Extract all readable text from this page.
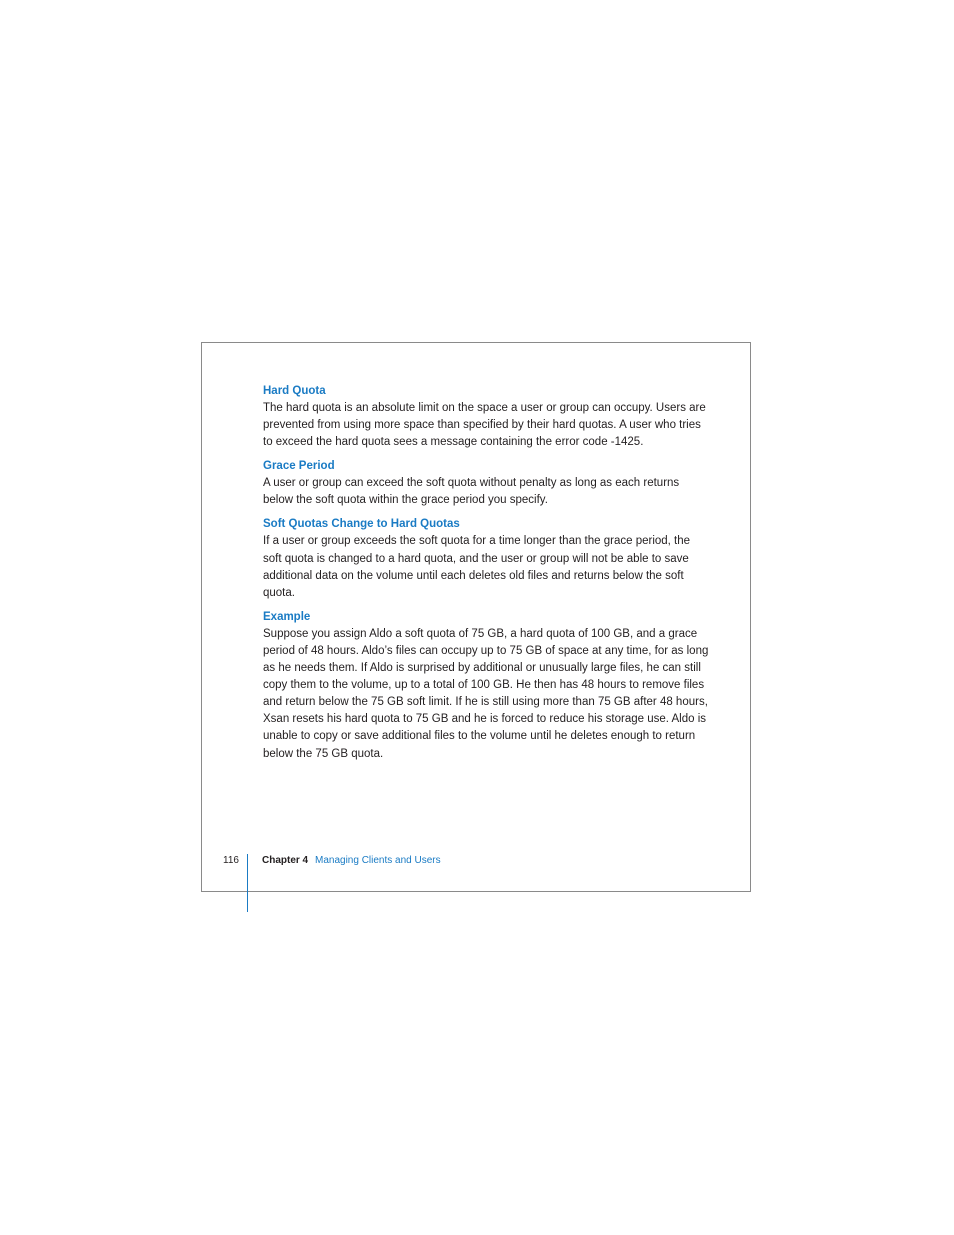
Hard Quota

The hard quota is an absolute limit on the space a user or group can occupy. Users are
prevented from using more space than specified by their hard quotas. A user who tries
to exceed the hard quota sees a message containing the error code -1425.

Grace Period

A user or group can exceed the soft quota without penalty as long as each returns
below the soft quota within the grace period you specify.

Soft Quotas Change to Hard Quotas

If a user or group exceeds the soft quota for a time longer than the grace period, the
soft quota is changed to a hard quota, and the user or group will not be able to save
additional data on the volume until each deletes old files and returns below the soft
quota.

Example

Suppose you assign Aldo a soft quota of 75 GB, a hard quota of 100 GB, and a grace
period of 48 hours. Aldo’s files can occupy up to 75 GB of space at any time, for as long
as he needs them. If Aldo is surprised by additional or unusually large files, he can still
copy them to the volume, up to a total of 100 GB. He then has 48 hours to remove files
and return below the 75 GB soft limit. If he is still using more than 75 GB after 48 hours,
Xsan resets his hard quota to 75 GB and he is forced to reduce his storage use. Aldo is
unable to copy or save additional files to the volume until he deletes enough to return
below the 75 GB quota.

116 Chapter 4 Managing Clients and Users
